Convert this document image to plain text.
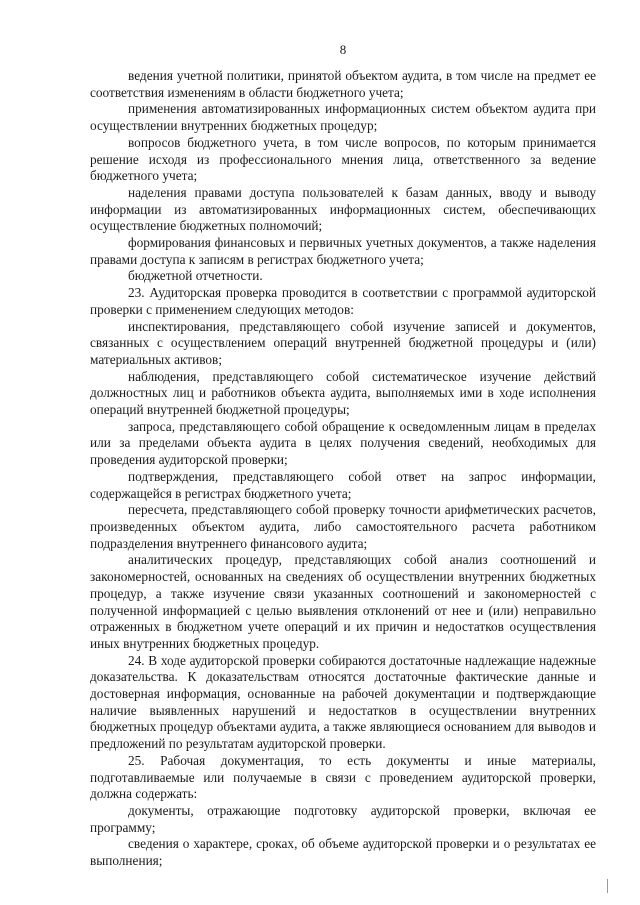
8

ведения учетной политики, принятой объектом аудита, в том числе на предмет ее соответствия изменениям в области бюджетного учета;

применения автоматизированных информационных систем объектом аудита при осуществлении внутренних бюджетных процедур;

вопросов бюджетного учета, в том числе вопросов, по которым принимается решение исходя из профессионального мнения лица, ответственного за ведение бюджетного учета;

наделения правами доступа пользователей к базам данных, вводу и выводу информации из автоматизированных информационных систем, обеспечивающих осуществление бюджетных полномочий;

формирования финансовых и первичных учетных документов, а также наделения правами доступа к записям в регистрах бюджетного учета;

бюджетной отчетности.

23. Аудиторская проверка проводится в соответствии с программой аудиторской проверки с применением следующих методов:

инспектирования, представляющего собой изучение записей и документов, связанных с осуществлением операций внутренней бюджетной процедуры и (или) материальных активов;

наблюдения, представляющего собой систематическое изучение действий должностных лиц и работников объекта аудита, выполняемых ими в ходе исполнения операций внутренней бюджетной процедуры;

запроса, представляющего собой обращение к осведомленным лицам в пределах или за пределами объекта аудита в целях получения сведений, необходимых для проведения аудиторской проверки;

подтверждения, представляющего собой ответ на запрос информации, содержащейся в регистрах бюджетного учета;

пересчета, представляющего собой проверку точности арифметических расчетов, произведенных объектом аудита, либо самостоятельного расчета работником подразделения внутреннего финансового аудита;

аналитических процедур, представляющих собой анализ соотношений и закономерностей, основанных на сведениях об осуществлении внутренних бюджетных процедур, а также изучение связи указанных соотношений и закономерностей с полученной информацией с целью выявления отклонений от нее и (или) неправильно отраженных в бюджетном учете операций и их причин и недостатков осуществления иных внутренних бюджетных процедур.

24. В ходе аудиторской проверки собираются достаточные надлежащие надежные доказательства. К доказательствам относятся достаточные фактические данные и достоверная информация, основанные на рабочей документации и подтверждающие наличие выявленных нарушений и недостатков в осуществлении внутренних бюджетных процедур объектами аудита, а также являющиеся основанием для выводов и предложений по результатам аудиторской проверки.

25. Рабочая документация, то есть документы и иные материалы, подготавливаемые или получаемые в связи с проведением аудиторской проверки, должна содержать:

документы, отражающие подготовку аудиторской проверки, включая ее программу;

сведения о характере, сроках, об объеме аудиторской проверки и о результатах ее выполнения;
